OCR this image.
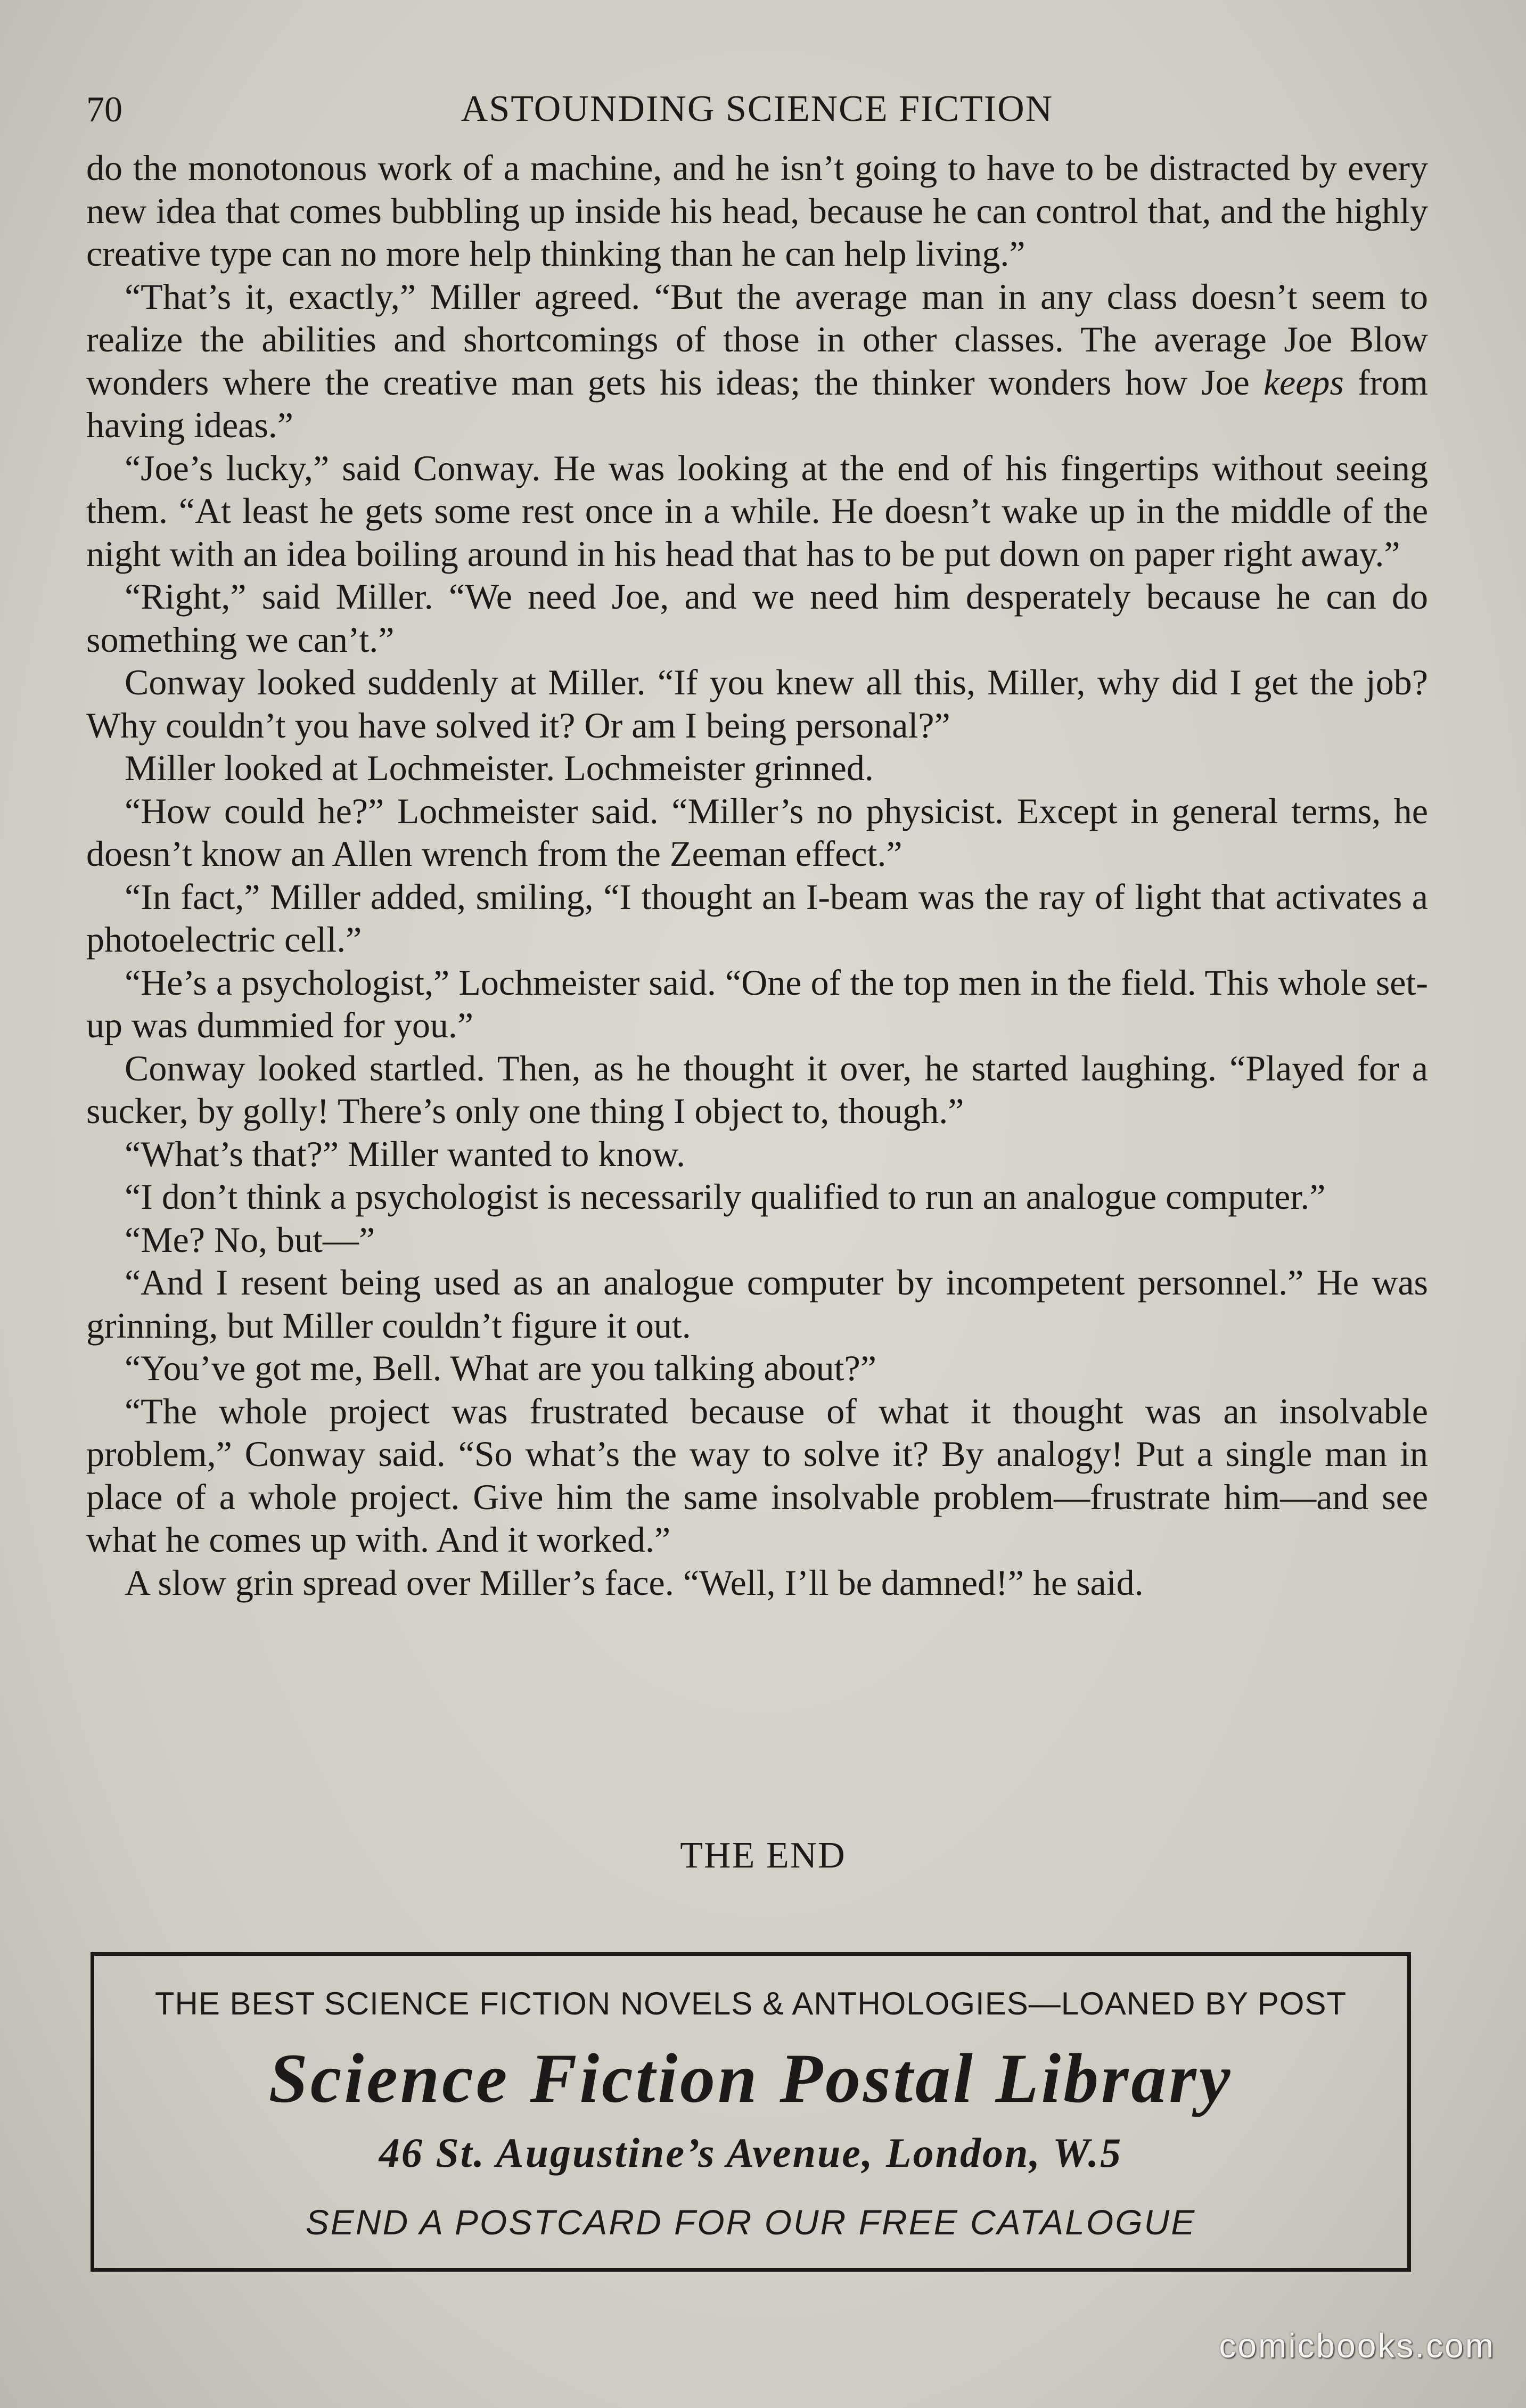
70	ASTOUNDING SCIENCE FICTION

do the monotonous work of a machine, and he isn’t going to have to be distracted by every new idea that comes bubbling up inside his head, because he can control that, and the highly creative type can no more help thinking than he can help living.”

“That’s it, exactly,” Miller agreed. “But the average man in any class doesn’t seem to realize the abilities and shortcomings of those in other classes. The average Joe Blow wonders where the creative man gets his ideas; the thinker wonders how Joe keeps from having ideas.”

“Joe’s lucky,” said Conway. He was looking at the end of his fingertips without seeing them. “At least he gets some rest once in a while. He doesn’t wake up in the middle of the night with an idea boiling around in his head that has to be put down on paper right away.”

“Right,” said Miller. “We need Joe, and we need him desperately because he can do something we can’t.”

Conway looked suddenly at Miller. “If you knew all this, Miller, why did I get the job? Why couldn’t you have solved it? Or am I being personal?”

Miller looked at Lochmeister. Lochmeister grinned.

“How could he?” Lochmeister said. “Miller’s no physicist. Except in general terms, he doesn’t know an Allen wrench from the Zeeman effect.”

“In fact,” Miller added, smiling, “I thought an I-beam was the ray of light that activates a photoelectric cell.”

“He’s a psychologist,” Lochmeister said. “One of the top men in the field. This whole set-up was dummied for you.”

Conway looked startled. Then, as he thought it over, he started laughing. “Played for a sucker, by golly! There’s only one thing I object to, though.”

“What’s that?” Miller wanted to know.

“I don’t think a psychologist is necessarily qualified to run an analogue computer.”

“Me? No, but—”

“And I resent being used as an analogue computer by incompetent personnel.” He was grinning, but Miller couldn’t figure it out.

“You’ve got me, Bell. What are you talking about?”

“The whole project was frustrated because of what it thought was an insolvable problem,” Conway said. “So what’s the way to solve it? By analogy! Put a single man in place of a whole project. Give him the same insolvable problem—frustrate him—and see what he comes up with. And it worked.”

A slow grin spread over Miller’s face. “Well, I’ll be damned!” he said.

THE END
THE BEST SCIENCE FICTION NOVELS & ANTHOLOGIES—LOANED BY POST
Science Fiction Postal Library
46 St. Augustine’s Avenue, London, W.5
SEND A POSTCARD FOR OUR FREE CATALOGUE
comicbooks.com
